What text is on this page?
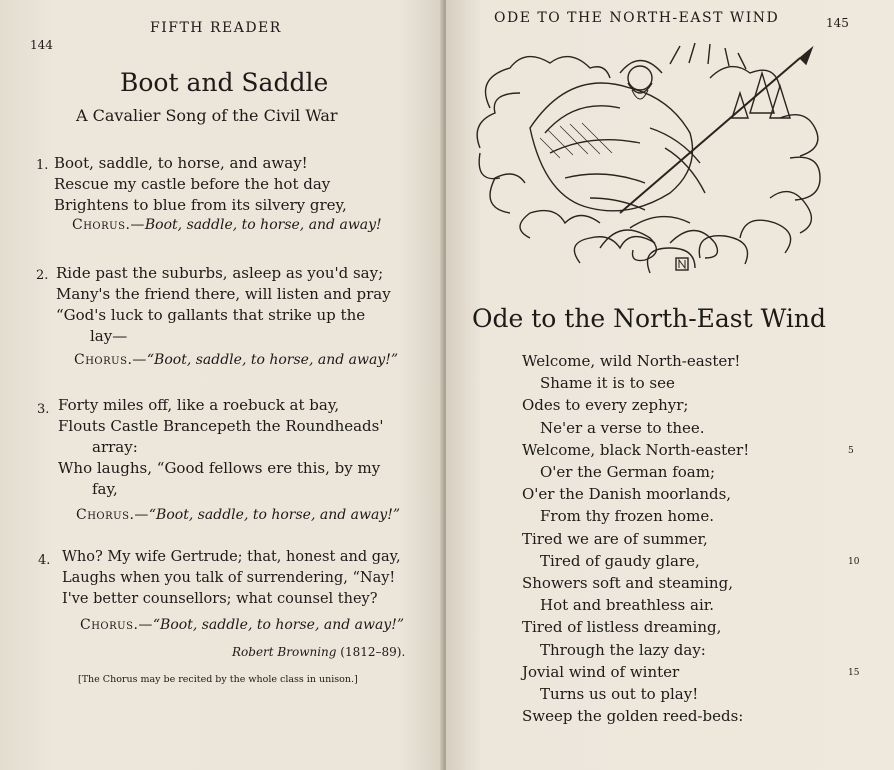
144
FIFTH READER
Boot and Saddle
A Cavalier Song of the Civil War
1. Boot, saddle, to horse, and away!
Rescue my castle before the hot day
Brightens to blue from its silvery grey,
Chorus.—Boot, saddle, to horse, and away!
2. Ride past the suburbs, asleep as you'd say;
Many's the friend there, will listen and pray
“God's luck to gallants that strike up the
lay—
Chorus.—“Boot, saddle, to horse, and away!”
3. Forty miles off, like a roebuck at bay,
Flouts Castle Brancepeth the Roundheads'
array:
Who laughs, “Good fellows ere this, by my
fay,
Chorus.—“Boot, saddle, to horse, and away!”
4. Who? My wife Gertrude; that, honest and gay,
Laughs when you talk of surrendering, “Nay!
I've better counsellors; what counsel they?
Chorus.—“Boot, saddle, to horse, and away!”
Robert Browning (1812–89).
[The Chorus may be recited by the whole class in unison.]
ODE TO THE NORTH-EAST WIND	145
Ode to the North-East Wind
Welcome, wild North-easter!
Shame it is to see
Odes to every zephyr;
Ne'er a verse to thee.
Welcome, black North-easter!	5
O'er the German foam;
O'er the Danish moorlands,
From thy frozen home.
Tired we are of summer,
Tired of gaudy glare,	10
Showers soft and steaming,
Hot and breathless air.
Tired of listless dreaming,
Through the lazy day:
Jovial wind of winter	15
Turns us out to play!
Sweep the golden reed-beds:
